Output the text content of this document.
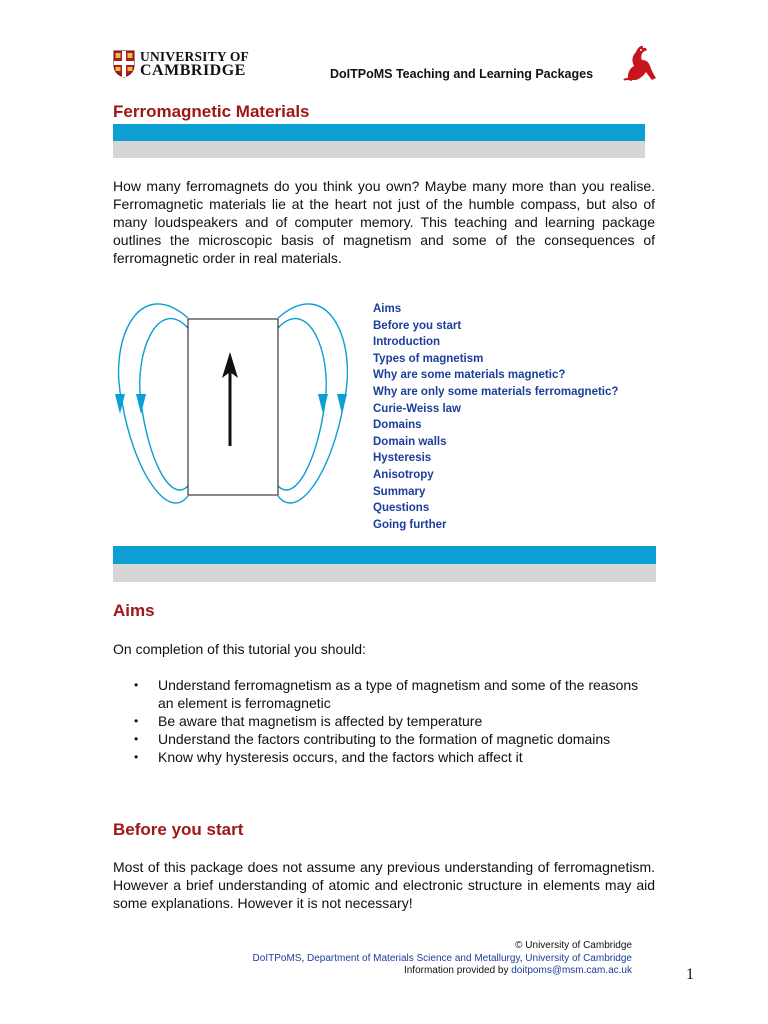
UNIVERSITY OF
CAMBRIDGE	DoITPoMS Teaching and Learning Packages
Ferromagnetic Materials
How many ferromagnets do you think you own? Maybe many more than you realise. Ferromagnetic materials lie at the heart not just of the humble compass, but also of many loudspeakers and of computer memory. This teaching and learning package outlines the microscopic basis of magnetism and some of the consequences of ferromagnetic order in real materials.
Aims
Before you start
Introduction
Types of magnetism
Why are some materials magnetic?
Why are only some materials ferromagnetic?
Curie-Weiss law
Domains
Domain walls
Hysteresis
Anisotropy
Summary
Questions
Going further
Aims
On completion of this tutorial you should:
• Understand ferromagnetism as a type of magnetism and some of the reasons an element is ferromagnetic
• Be aware that magnetism is affected by temperature
• Understand the factors contributing to the formation of magnetic domains
• Know why hysteresis occurs, and the factors which affect it
Before you start
Most of this package does not assume any previous understanding of ferromagnetism. However a brief understanding of atomic and electronic structure in elements may aid some explanations. However it is not necessary!
© University of Cambridge
DoITPoMS, Department of Materials Science and Metallurgy, University of Cambridge
Information provided by doitpoms@msm.cam.ac.uk	1
